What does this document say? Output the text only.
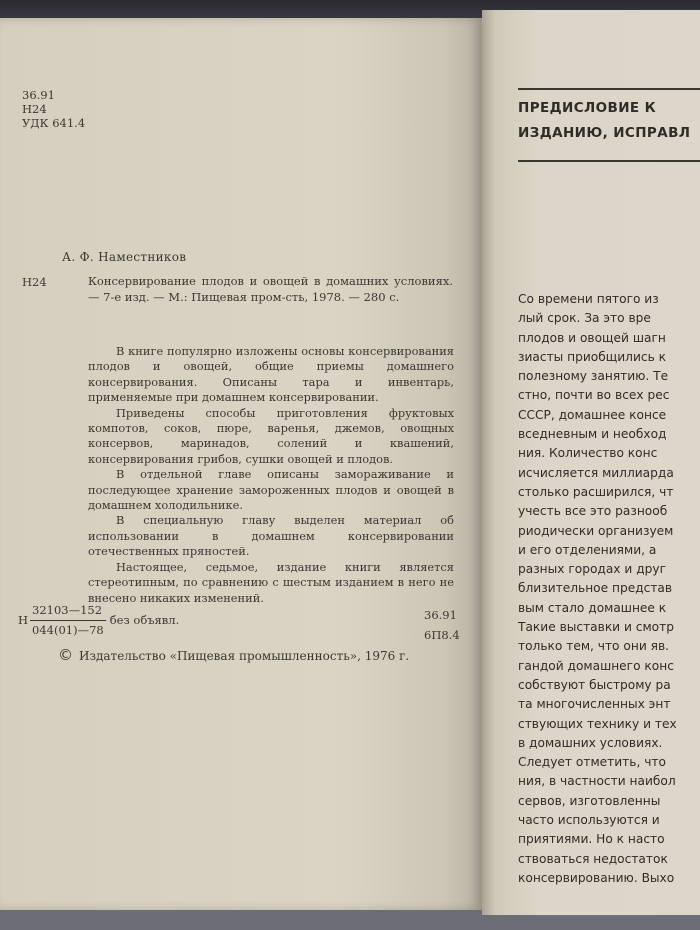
36.91
Н24
УДК 641.4
А. Ф. Наместников
Н24	Консервирование плодов и овощей в домашних условиях. — 7-е изд. — М.: Пищевая пром-сть, 1978. — 280 с.

В книге популярно изложены основы консервирования плодов и овощей, общие приемы домашнего консервирования. Описаны тара и инвентарь, применяемые при домашнем консервировании.

Приведены способы приготовления фруктовых компотов, соков, пюре, варенья, джемов, овощных консервов, маринадов, солений и квашений, консервирования грибов, сушки овощей и плодов.

В отдельной главе описаны замораживание и последующее хранение замороженных плодов и овощей в домашнем холодильнике.

В специальную главу выделен материал об использовании в домашнем консервировании отечественных пряностей.

Настоящее, седьмое, издание книги является стереотипным, по сравнению с шестым изданием в него не внесено никаких изменений.

Н $\frac{32103—152}{044(01)—78}$ без объявл.	36.91
6П8.4
© Издательство «Пищевая промышленность», 1976 г.
ПРЕДИСЛОВИЕ К
ИЗДАНИЮ, ИСПРАВЛ
Со времени пятого из
лый срок. За это вре
плодов и овощей шагн
зиасты приобщились к
полезному занятию. Те
стно, почти во всех рес
СССР, домашнее консе
вседневным и необход
ния. Количество конс
исчисляется миллиарда
столько расширился, чт
учесть все это разнооб
риодически организуем
и его отделениями, а
разных городах и друг
близительное представ
вым стало домашнее к
Такие выставки и смотр
только тем, что они яв.
гандой домашнего конс
собствуют быстрому ра
та многочисленных энт
ствующих технику и тех
в домашних условиях.
Следует отметить, что
ния, в частности наибол
сервов, изготовленны
часто используются и
приятиями. Но к насто
ствоваться недостаток
консервированию. Выхо
